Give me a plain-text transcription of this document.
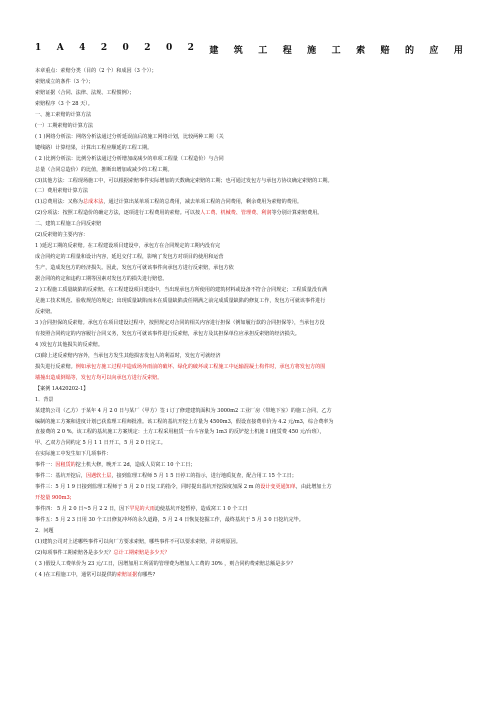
1 A 4 2 0 2 0 2 建 筑 工 程 施 工 索 赔 的 应 用
本章重点：索赔分类（目的（2 个）和成因（3 个））；
索赔成立的条件（3 个）；
索赔证据（合同、法律、法规、工程惯例）；
索赔程序（3 个 28 天）。
一、施工索赔的计算方法
(一）工期索赔的计算方法
( 1 )网络分析法：网络分析法通过分析延误前后的施工网络计划，比较两种工期（关
键线路）计算结果，计算出工程应顺延的工程工期。
( 2 )比例分析法：比例分析法通过分析增加或减少的单项工程量（工程造价）与合同
总量（合同总造价）的比值，推断出增加或减少的工程工期。
(3)其他方法：工程现场施工中，可以根据索赔事件实际增加的天数确定索赔的工期；也可通过发包方与承包方协议确定索赔的工期。
(二）费用索赔计算方法
(1)总费用法：又称为总成本法，通过计算出某单项工程的总费用，减去单项工程的合同费用，剩余费用为索赔的费用。
(2)分项法：按照工程造价的确定方法，逐项进行工程费用的索赔。可以按人工费、机械费、管理费、利润等分别计算索赔费用。
二、建筑工程施工合同反索赔
(2)反索赔的主要内容：
1 )延迟工期的反索赔。在工程建设项目建设中，承包方在合同规定的工期内没有完
成合同约定的工程量和设计内容，延迟交付工程，影响了发包方对项目的使用和运营
生产，造成发包方的经济损失。因此，发包方可就该事件向承包方进行反索赔，承包方依
据合同的约定和违约工期等因素对发包方的损失进行赔偿。
2 )工程施工质量缺陷的反索赔。在工程建设项目建设中，当出现承包方所使用的建筑材料或设备不符合合同规定；工程质量没有满
足施工技术规范、验收规范的规定；出现质量缺陷而未在质量缺陷责任期满之前完成质量缺陷的修复工作，发包方可就该事件进行
反索赔。
3 )合同担保的反索赔。承包方在项目建设过程中，按照规定对合同的相关内容进行担保（例如履行款的合同担保等），当承包方没
有按照合同约定的内容履行合同义务，发包方可就该事件进行反索赔，承包方及其担保单位应承担反索赔的经济损失。
4 )发包方其他损失的反索赔。
(3)除上述反索赔内容外，当承包方发生其他损害发包人的利益时，发包方可就经济
损失进行反索赔。例如承包方施工过程中造成场外雨前的破坏、绿化的破坏或工程施工中运输混凝土构件时，承包方将发包方的围
墙撞出造成倒塌等，发包方均可以向承包方进行反索赔。
【案例 1A420202-1】
1．背景
某建筑公司（乙方）于某年 4 月 2 0 日与某厂（甲方）签 i 订了修建建筑面积为 3000m2 工业厂房（带地下室）的施工合同，乙方
编制的施工方案和进度计划已获监理工程师批准。该工程的基坑开挖土方量为 4500m3，假设直接费单价为 4.2 元/m3，综合费率为
直接费的 2 0 %。该工程的基坑施工方案规定：土方工程采用租赁一台斗容量为 1m3 的反铲挖土机施 I (租赁费 450 元/台班），
甲、乙双方合同约定 5 月 1 1 日开工，5 月 2 0 日完工。
在实际施工中发生如下几项事件：
事件一：因租赁的挖土机大修，晚开工 2d，造成人员窝工 10 个工日；
事件二：基坑开挖后，因遇软土层，接到监理工程师 5 月 1 5 日停工的指示，进行地质复查，配合用工 15 个工日；
事件三：5 月 1 9 日接到监理工程师于 5 月 2 0 日复工的指令，同时提出基坑开挖深度加深 2 m 的设计变更通知单，由此增加土方
开挖量 900m3;
事件四： 5 月 2 0 日~5 月 2 2 日，因下罕见的大雨迫使基坑开挖暂停，造成窝工 1 0 个工日
事件五：5 月 2 3 日用 30 个工日修复冲坏的永久道路，5 月 2 4 日恢复挖掘工作，最终基坑于 5 月 3 0 日挖坑完毕。
2．问题
(1)建筑公司对上述哪些事件可以向厂方要求索赔，哪些事件不可以要求索赔，并说明原因。
(2)每项事件工期索赔各是多少天？总计工期索赔是多少天？
( 3 )假设人工费单价为 23 元/工日，因增加用工所需的管理费为增加人工费的 30% ，则合同约费索赔总额是多少？
( 4 )在工程施工中，通常可以提供的索赔证据有哪些?
